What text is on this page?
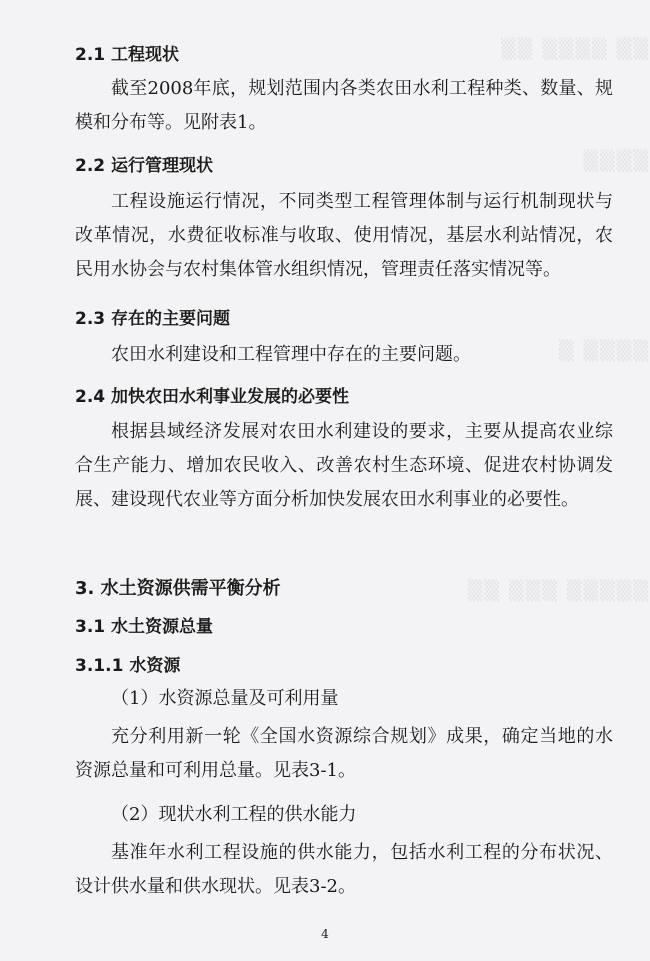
▒▒ ▒▒▒▒ ▒▒
▒▒▒▒
▒ ▒▒▒▒
▒▒ ▒▒▒ ▒▒▒▒▒
2.1 工程现状

截至2008年底，规划范围内各类农田水利工程种类、数量、规模和分布等。见附表1。

2.2 运行管理现状

工程设施运行情况，不同类型工程管理体制与运行机制现状与改革情况，水费征收标准与收取、使用情况，基层水利站情况，农民用水协会与农村集体管水组织情况，管理责任落实情况等。

2.3 存在的主要问题

农田水利建设和工程管理中存在的主要问题。

2.4 加快农田水利事业发展的必要性

根据县域经济发展对农田水利建设的要求，主要从提高农业综合生产能力、增加农民收入、改善农村生态环境、促进农村协调发展、建设现代农业等方面分析加快发展农田水利事业的必要性。

3. 水土资源供需平衡分析
3.1 水土资源总量
3.1.1 水资源
（1）水资源总量及可利用量

充分利用新一轮《全国水资源综合规划》成果，确定当地的水资源总量和可利用总量。见表3-1。

（2）现状水利工程的供水能力

基准年水利工程设施的供水能力，包括水利工程的分布状况、设计供水量和供水现状。见表3-2。

4
